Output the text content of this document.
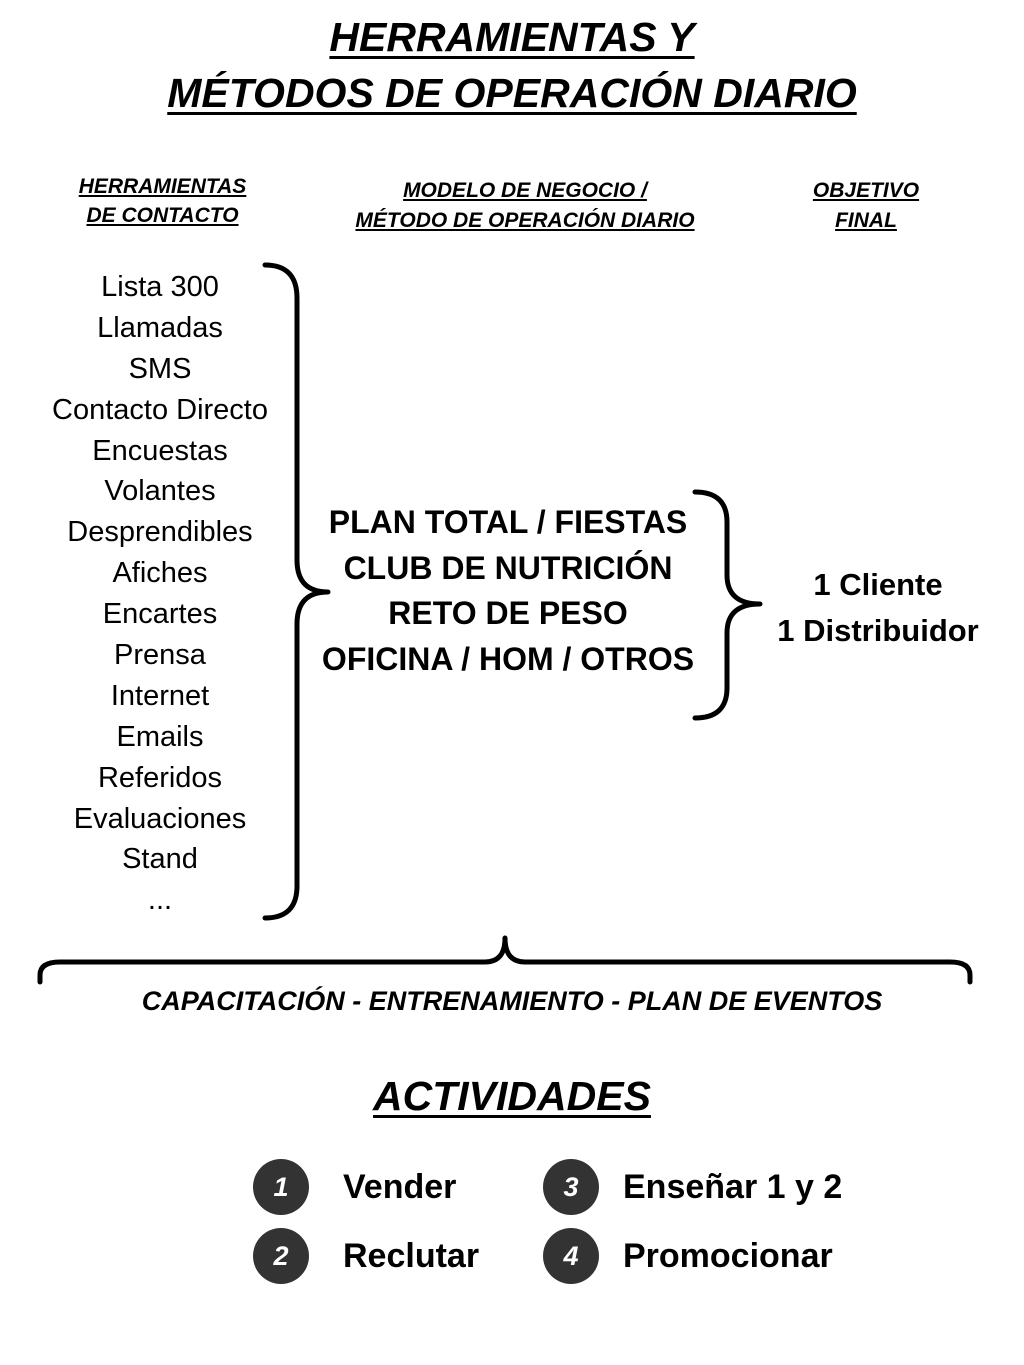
HERRAMIENTAS Y
MÉTODOS DE OPERACIÓN DIARIO
HERRAMIENTAS
DE CONTACTO
MODELO DE NEGOCIO /
MÉTODO DE OPERACIÓN DIARIO
OBJETIVO
FINAL
Lista 300
Llamadas
SMS
Contacto Directo
Encuestas
Volantes
Desprendibles
Afiches
Encartes
Prensa
Internet
Emails
Referidos
Evaluaciones
Stand
...
PLAN TOTAL / FIESTAS
CLUB DE NUTRICIÓN
RETO DE PESO
OFICINA / HOM / OTROS
1 Cliente
1 Distribuidor
CAPACITACIÓN - ENTRENAMIENTO - PLAN DE EVENTOS
ACTIVIDADES
1	Vender
2	Reclutar
3	Enseñar 1 y 2
4	Promocionar
